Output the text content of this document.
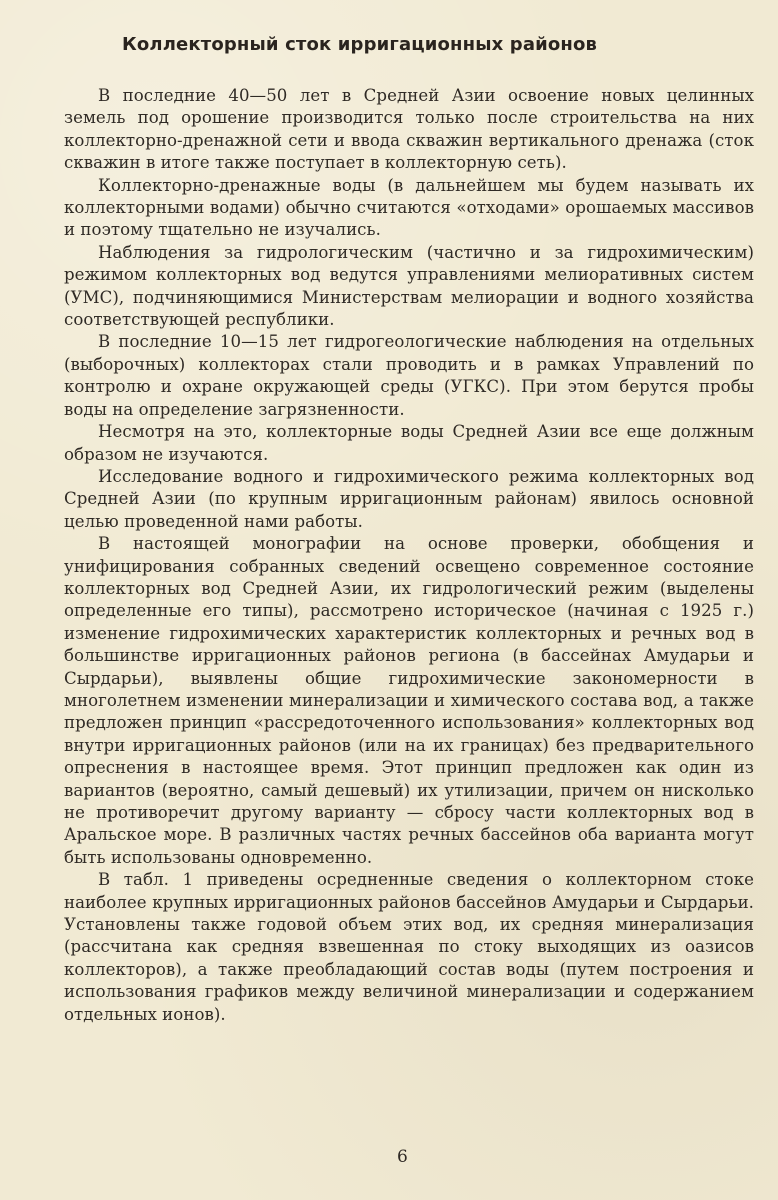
Коллекторный сток ирригационных районов

В последние 40—50 лет в Средней Азии освоение новых целинных земель под орошение производится только после строительства на них коллекторно-дренажной сети и ввода скважин вертикального дренажа (сток скважин в итоге также поступает в коллекторную сеть).

Коллекторно-дренажные воды (в дальнейшем мы будем называть их коллекторными водами) обычно считаются «отходами» орошаемых массивов и поэтому тщательно не изучались.

Наблюдения за гидрологическим (частично и за гидрохимическим) режимом коллекторных вод ведутся управлениями мелиоративных систем (УМС), подчиняющимися Министерствам мелиорации и водного хозяйства соответствующей республики.

В последние 10—15 лет гидрогеологические наблюдения на отдельных (выборочных) коллекторах стали проводить и в рамках Управлений по контролю и охране окружающей среды (УГКС). При этом берутся пробы воды на определение загрязненности.

Несмотря на это, коллекторные воды Средней Азии все еще должным образом не изучаются.

Исследование водного и гидрохимического режима коллекторных вод Средней Азии (по крупным ирригационным районам) явилось основной целью проведенной нами работы.

В настоящей монографии на основе проверки, обобщения и унифицирования собранных сведений освещено современное состояние коллекторных вод Средней Азии, их гидрологический режим (выделены определенные его типы), рассмотрено историческое (начиная с 1925 г.) изменение гидрохимических характеристик коллекторных и речных вод в большинстве ирригационных районов региона (в бассейнах Амударьи и Сырдарьи), выявлены общие гидрохимические закономерности в многолетнем изменении минерализации и химического состава вод, а также предложен принцип «рассредоточенного использования» коллекторных вод внутри ирригационных районов (или на их границах) без предварительного опреснения в настоящее время. Этот принцип предложен как один из вариантов (вероятно, самый дешевый) их утилизации, причем он нисколько не противоречит другому варианту — сбросу части коллекторных вод в Аральское море. В различных частях речных бассейнов оба варианта могут быть использованы одновременно.

В табл. 1 приведены осредненные сведения о коллекторном стоке наиболее крупных ирригационных районов бассейнов Амударьи и Сырдарьи. Установлены также годовой объем этих вод, их средняя минерализация (рассчитана как средняя взвешенная по стоку выходящих из оазисов коллекторов), а также преобладающий состав воды (путем построения и использования графиков между величиной минерализации и содержанием отдельных ионов).

6
